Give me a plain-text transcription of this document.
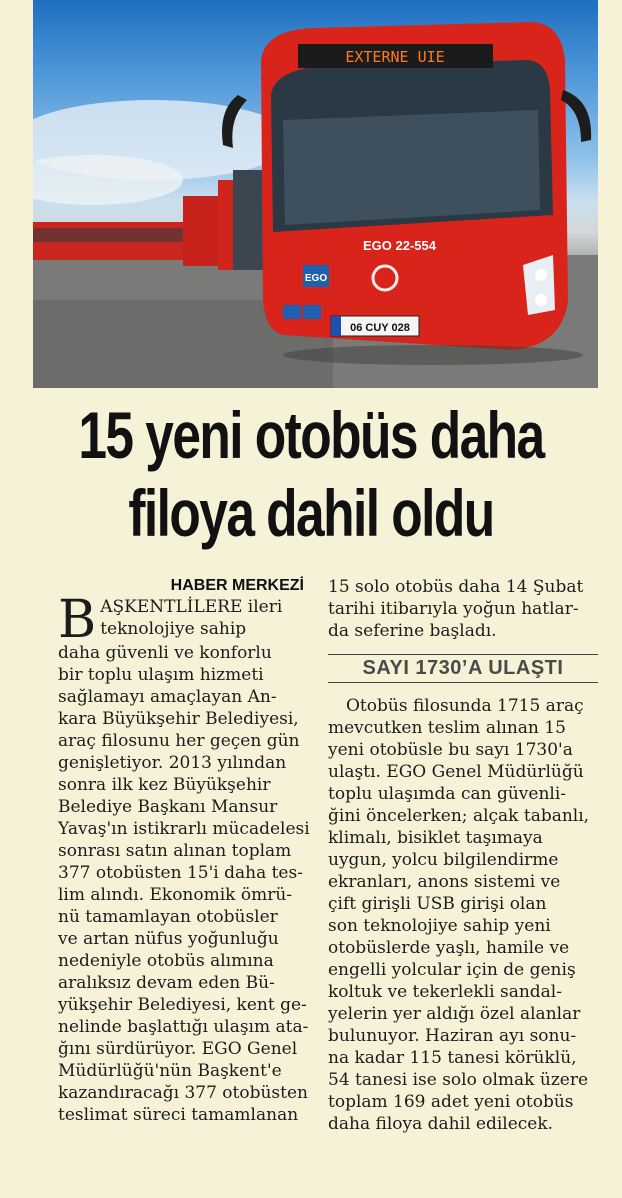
EXTERNE UIE
EGO 22-554
EGO
06 CUY 028
15 yeni otobüs daha
filoya dahil oldu
HABER MERKEZİ
B AŞKENTLİLERE ileri
teknolojiye sahip
daha güvenli ve konforlu
bir toplu ulaşım hizmeti
sağlamayı amaçlayan An-
kara Büyükşehir Belediyesi,
araç filosunu her geçen gün
genişletiyor. 2013 yılından
sonra ilk kez Büyükşehir
Belediye Başkanı Mansur
Yavaş'ın istikrarlı mücadelesi
sonrası satın alınan toplam
377 otobüsten 15'i daha tes-
lim alındı. Ekonomik ömrü-
nü tamamlayan otobüsler
ve artan nüfus yoğunluğu
nedeniyle otobüs alımına
aralıksız devam eden Bü-
yükşehir Belediyesi, kent ge-
nelinde başlattığı ulaşım ata-
ğını sürdürüyor. EGO Genel
Müdürlüğü'nün Başkent'e
kazandıracağı 377 otobüsten
teslimat süreci tamamlanan
15 solo otobüs daha 14 Şubat
tarihi itibarıyla yoğun hatlar-
da seferine başladı.
SAYI 1730’A ULAŞTI
Otobüs filosunda 1715 araç
mevcutken teslim alınan 15
yeni otobüsle bu sayı 1730'a
ulaştı. EGO Genel Müdürlüğü
toplu ulaşımda can güvenli-
ğini öncelerken; alçak tabanlı,
klimalı, bisiklet taşımaya
uygun, yolcu bilgilendirme
ekranları, anons sistemi ve
çift girişli USB girişi olan
son teknolojiye sahip yeni
otobüslerde yaşlı, hamile ve
engelli yolcular için de geniş
koltuk ve tekerlekli sandal-
yelerin yer aldığı özel alanlar
bulunuyor. Haziran ayı sonu-
na kadar 115 tanesi körüklü,
54 tanesi ise solo olmak üzere
toplam 169 adet yeni otobüs
daha filoya dahil edilecek.
